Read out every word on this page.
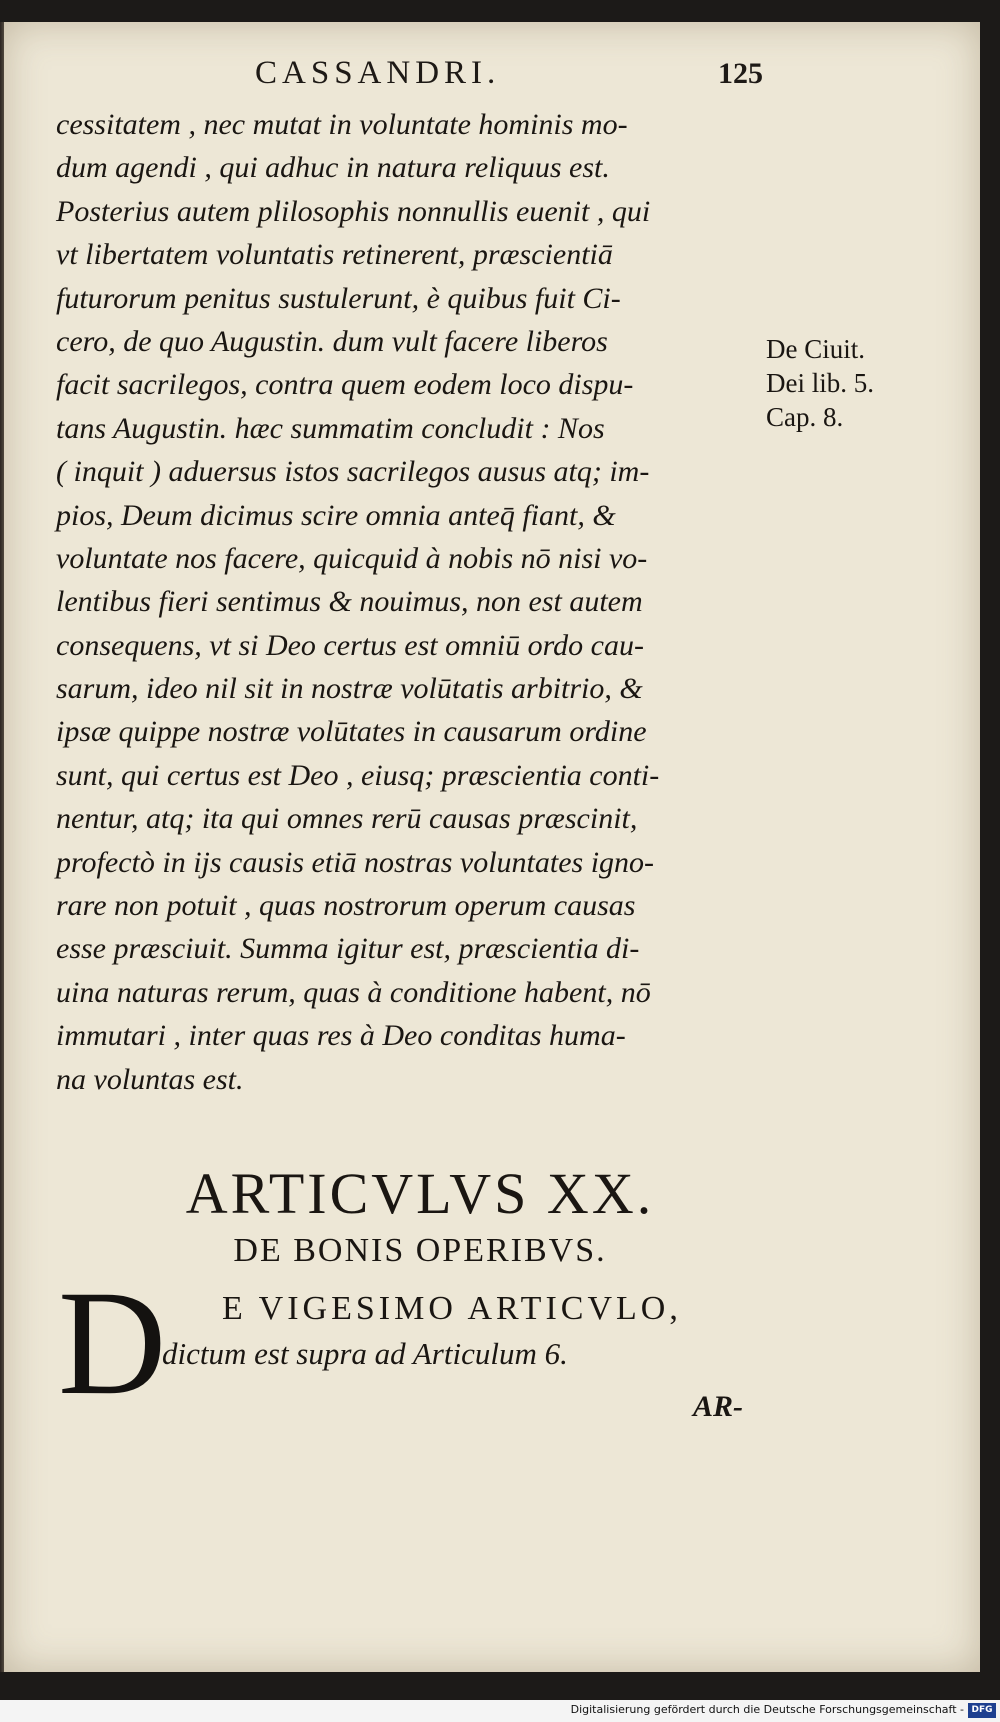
CASSANDRI.	125
cessitatem , nec mutat in voluntate hominis mo-
dum agendi , qui adhuc in natura reliquus est.
Posterius autem plilosophis nonnullis euenit , qui
vt libertatem voluntatis retinerent, præscientiā
futurorum penitus sustulerunt, è quibus fuit Ci-
cero, de quo Augustin. dum vult facere liberos
facit sacrilegos, contra quem eodem loco dispu-
tans Augustin. hæc summatim concludit : Nos
( inquit ) aduersus istos sacrilegos ausus atq; im-
pios, Deum dicimus scire omnia anteq̄ fiant, &
voluntate nos facere, quicquid à nobis nō nisi vo-
lentibus fieri sentimus & nouimus, non est autem
consequens, vt si Deo certus est omniū ordo cau-
sarum, ideo nil sit in nostræ volūtatis arbitrio, &
ipsæ quippe nostræ volūtates in causarum ordine
sunt, qui certus est Deo , eiusq; præscientia conti-
nentur, atq; ita qui omnes rerū causas præscinit,
profectò in ijs causis etiā nostras voluntates igno-
rare non potuit , quas nostrorum operum causas
esse præsciuit. Summa igitur est, præscientia di-
uina naturas rerum, quas à conditione habent, nō
immutari , inter quas res à Deo conditas huma-
na voluntas est.
De Ciuit.
Dei lib. 5.
Cap. 8.
ARTICVLVS XX.
DE BONIS OPERIBVS.
D E VIGESIMO ARTICVLO,
dictum est supra ad Articulum 6.
AR-
Digitalisierung gefördert durch die Deutsche Forschungsgemeinschaft - DFG
